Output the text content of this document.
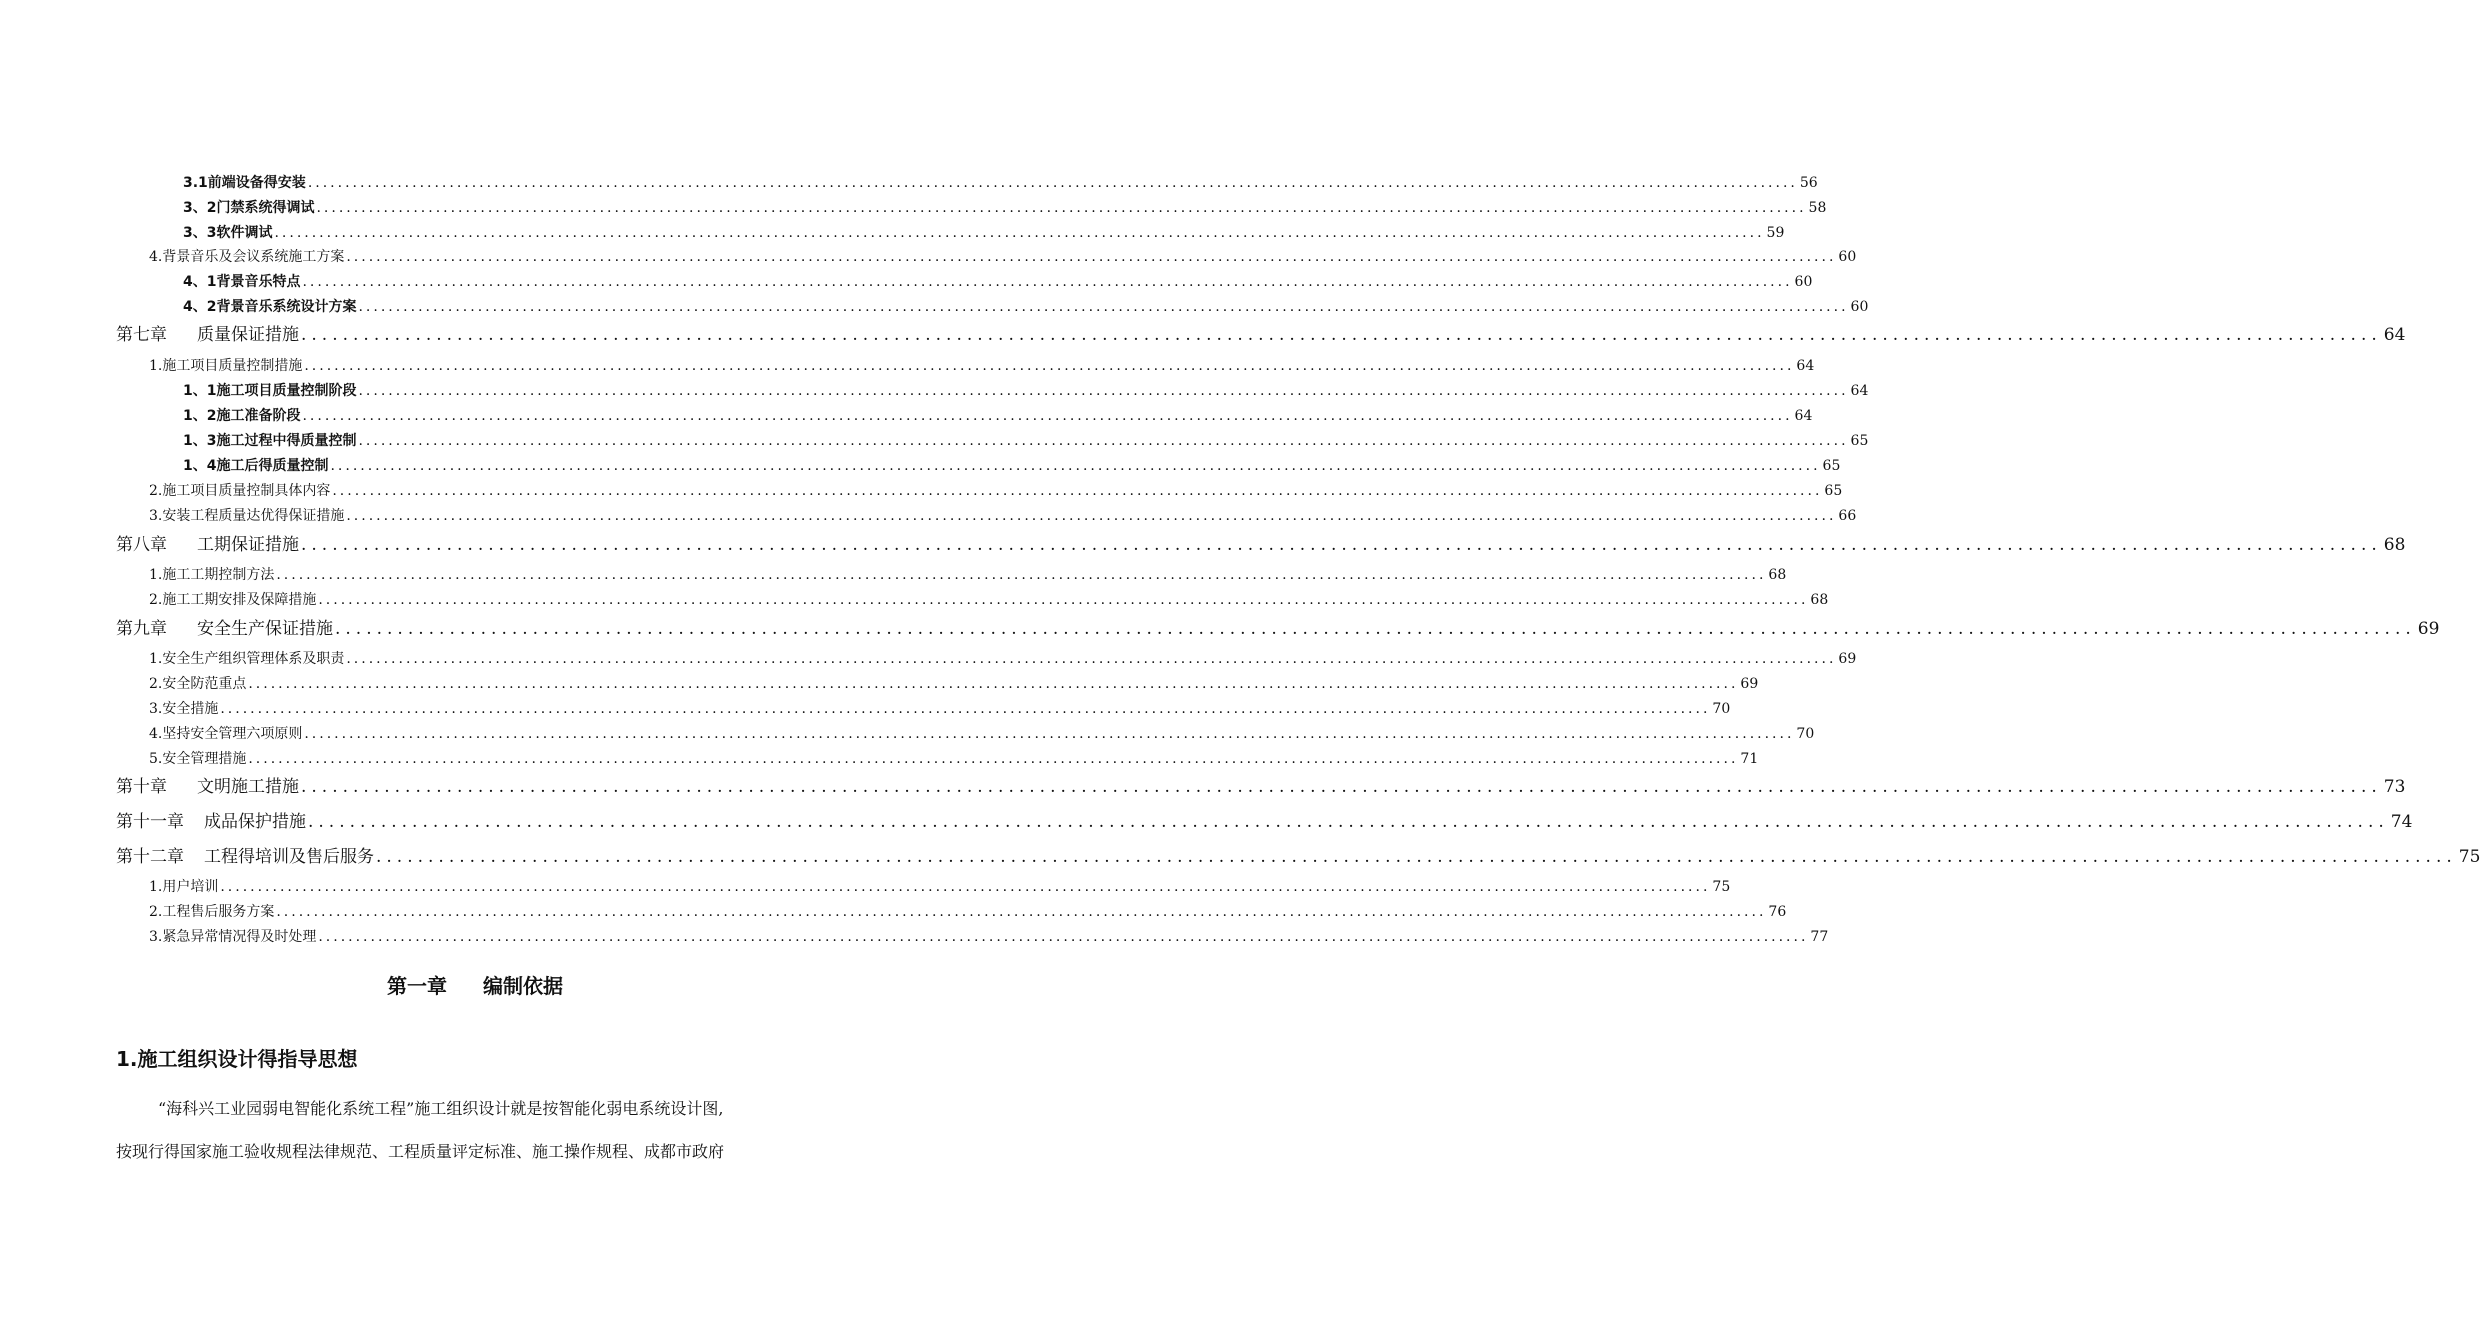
3.1前端设备得安装 ........................................................................................................................................................................................................ 56
3、2门禁系统得调试 ........................................................................................................................................................................................................ 58
3、3软件调试 ........................................................................................................................................................................................................ 59
4.背景音乐及会议系统施工方案 ........................................................................................................................................................................................................ 60
4、1背景音乐特点 ........................................................................................................................................................................................................ 60
4、2背景音乐系统设计方案 ........................................................................................................................................................................................................ 60
第七章 质量保证措施 ........................................................................................................................................................................................................ 64
1.施工项目质量控制措施 ........................................................................................................................................................................................................ 64
1、1施工项目质量控制阶段 ........................................................................................................................................................................................................ 64
1、2施工准备阶段 ........................................................................................................................................................................................................ 64
1、3施工过程中得质量控制 ........................................................................................................................................................................................................ 65
1、4施工后得质量控制 ........................................................................................................................................................................................................ 65
2.施工项目质量控制具体内容 ........................................................................................................................................................................................................ 65
3.安装工程质量达优得保证措施 ........................................................................................................................................................................................................ 66
第八章 工期保证措施 ........................................................................................................................................................................................................ 68
1.施工工期控制方法 ........................................................................................................................................................................................................ 68
2.施工工期安排及保障措施 ........................................................................................................................................................................................................ 68
第九章 安全生产保证措施 ........................................................................................................................................................................................................ 69
1.安全生产组织管理体系及职责 ........................................................................................................................................................................................................ 69
2.安全防范重点 ........................................................................................................................................................................................................ 69
3.安全措施 ........................................................................................................................................................................................................ 70
4.坚持安全管理六项原则 ........................................................................................................................................................................................................ 70
5.安全管理措施 ........................................................................................................................................................................................................ 71
第十章 文明施工措施 ........................................................................................................................................................................................................ 73
第十一章 成品保护措施 ........................................................................................................................................................................................................ 74
第十二章 工程得培训及售后服务 ........................................................................................................................................................................................................ 75
1.用户培训 ........................................................................................................................................................................................................ 75
2.工程售后服务方案 ........................................................................................................................................................................................................ 76
3.紧急异常情况得及时处理 ........................................................................................................................................................................................................ 77
第一章 编制依据
1.施工组织设计得指导思想
“海科兴工业园弱电智能化系统工程”施工组织设计就是按智能化弱电系统设计图,
按现行得国家施工验收规程法律规范、工程质量评定标准、施工操作规程、成都市政府
